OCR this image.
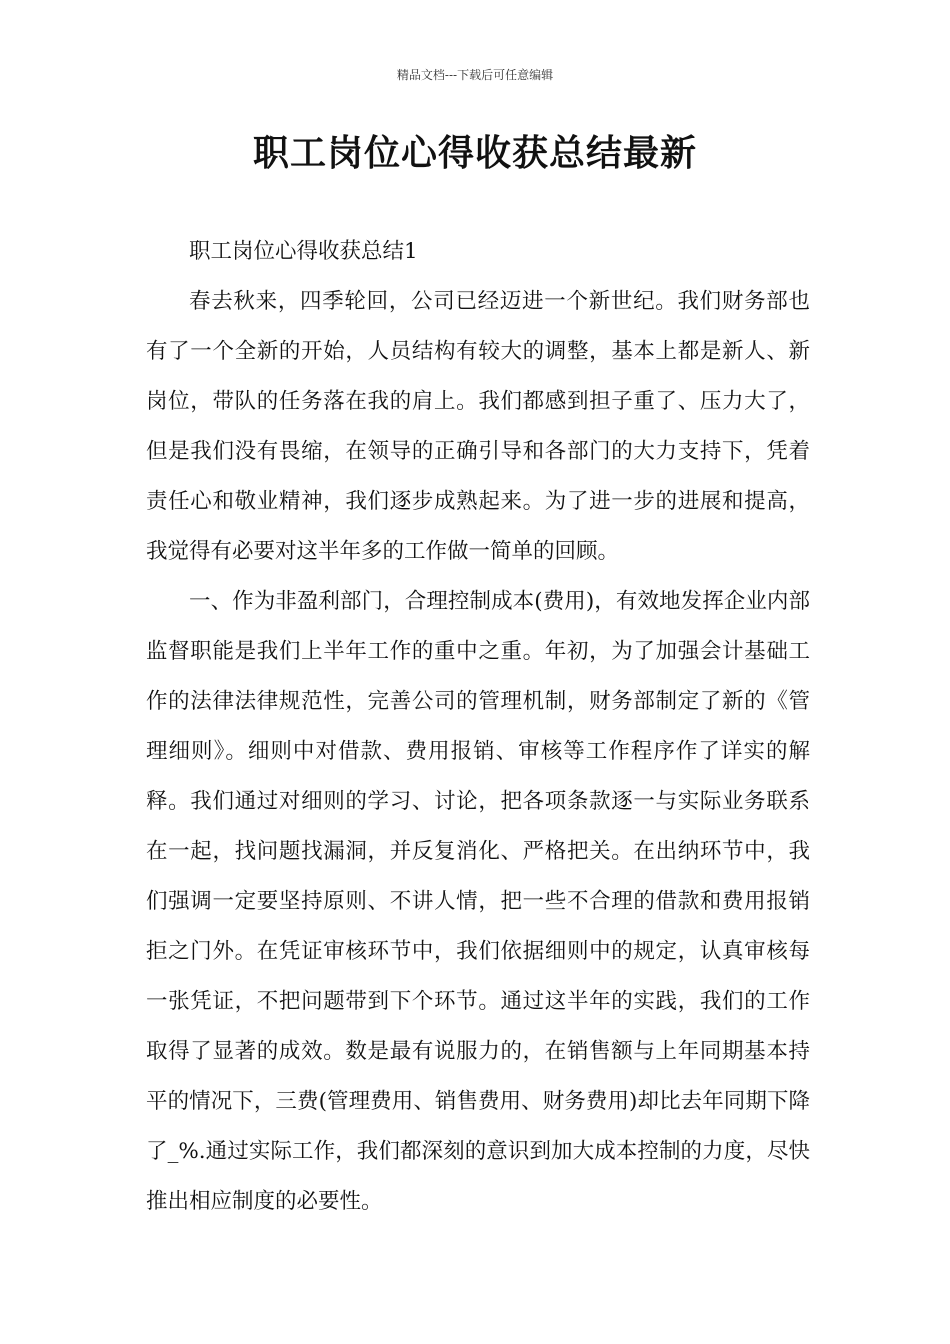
精品文档---下载后可任意编辑
职工岗位心得收获总结最新

职工岗位心得收获总结1

春去秋来，四季轮回，公司已经迈进一个新世纪。我们财务部也有了一个全新的开始，人员结构有较大的调整，基本上都是新人、新岗位，带队的任务落在我的肩上。我们都感到担子重了、压力大了，但是我们没有畏缩，在领导的正确引导和各部门的大力支持下，凭着责任心和敬业精神，我们逐步成熟起来。为了进一步的进展和提高，我觉得有必要对这半年多的工作做一简单的回顾。

一、作为非盈利部门，合理控制成本(费用)，有效地发挥企业内部监督职能是我们上半年工作的重中之重。年初，为了加强会计基础工作的法律法律规范性，完善公司的管理机制，财务部制定了新的《管理细则》。细则中对借款、费用报销、审核等工作程序作了详实的解释。我们通过对细则的学习、讨论，把各项条款逐一与实际业务联系在一起，找问题找漏洞，并反复消化、严格把关。在出纳环节中，我们强调一定要坚持原则、不讲人情，把一些不合理的借款和费用报销拒之门外。在凭证审核环节中，我们依据细则中的规定，认真审核每一张凭证，不把问题带到下个环节。通过这半年的实践，我们的工作取得了显著的成效。数是最有说服力的，在销售额与上年同期基本持平的情况下，三费(管理费用、销售费用、财务费用)却比去年同期下降了_%.通过实际工作，我们都深刻的意识到加大成本控制的力度，尽快推出相应制度的必要性。
